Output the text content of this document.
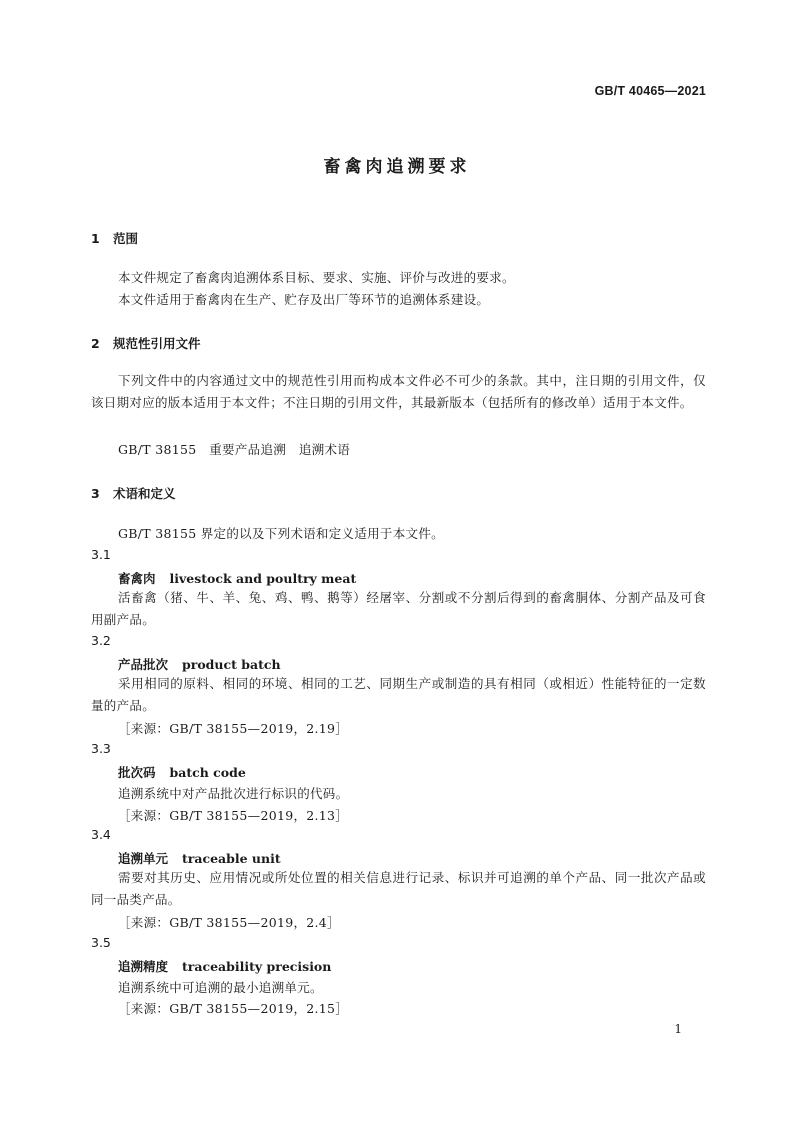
GB/T 40465—2021
畜禽肉追溯要求
1 范围
本文件规定了畜禽肉追溯体系目标、要求、实施、评价与改进的要求。
本文件适用于畜禽肉在生产、贮存及出厂等环节的追溯体系建设。
2 规范性引用文件

下列文件中的内容通过文中的规范性引用而构成本文件必不可少的条款。其中，注日期的引用文件，仅该日期对应的版本适用于本文件；不注日期的引用文件，其最新版本（包括所有的修改单）适用于本文件。

GB/T 38155　重要产品追溯　追溯术语
3 术语和定义
GB/T 38155 界定的以及下列术语和定义适用于本文件。
3.1
畜禽肉 livestock and poultry meat

活畜禽（猪、牛、羊、兔、鸡、鸭、鹅等）经屠宰、分割或不分割后得到的畜禽胴体、分割产品及可食用副产品。

3.2
产品批次 product batch

采用相同的原料、相同的环境、相同的工艺、同期生产或制造的具有相同（或相近）性能特征的一定数量的产品。

［来源：GB/T 38155—2019，2.19］
3.3
批次码 batch code
追溯系统中对产品批次进行标识的代码。
［来源：GB/T 38155—2019，2.13］
3.4
追溯单元 traceable unit

需要对其历史、应用情况或所处位置的相关信息进行记录、标识并可追溯的单个产品、同一批次产品或同一品类产品。

［来源：GB/T 38155—2019，2.4］
3.5
追溯精度 traceability precision
追溯系统中可追溯的最小追溯单元。
［来源：GB/T 38155—2019，2.15］
1
